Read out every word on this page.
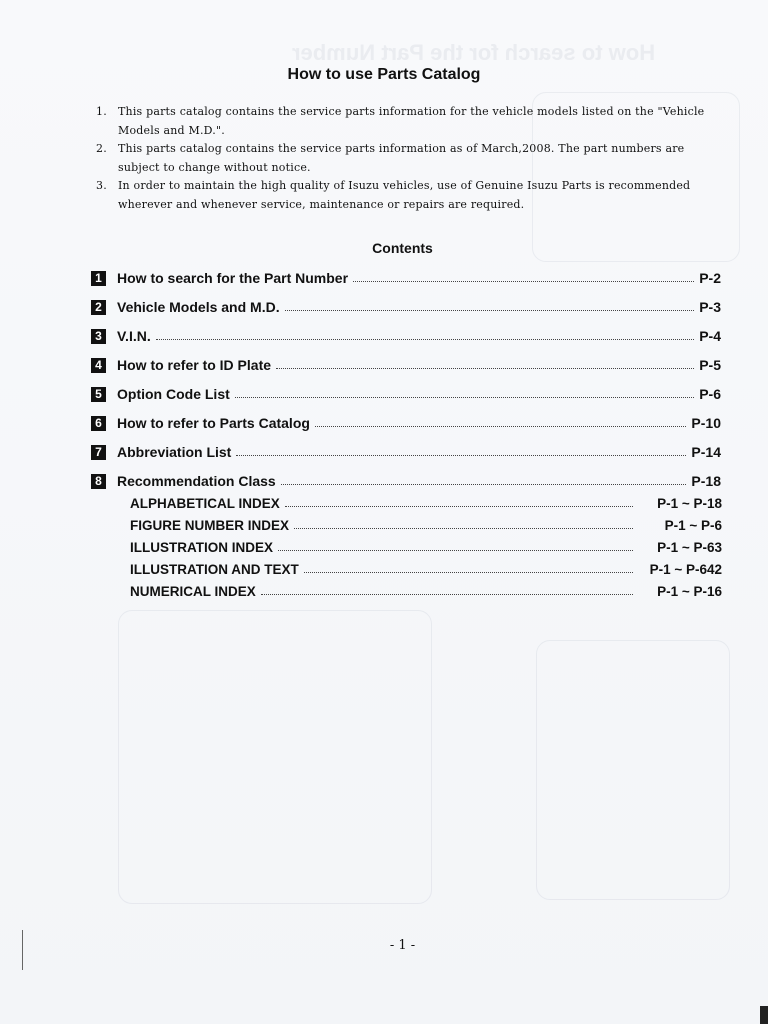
How to search for the Part Number
How to use Parts Catalog
1.	This parts catalog contains the service parts information for the vehicle models listed on the "Vehicle Models and M.D.".
2.	This parts catalog contains the service parts information as of March,2008. The part numbers are subject to change without notice.
3.	In order to maintain the high quality of Isuzu vehicles, use of Genuine Isuzu Parts is recommended wherever and whenever service, maintenance or repairs are required.
Contents
1 How to search for the Part Number	P-2
2 Vehicle Models and M.D.	P-3
3 V.I.N.	P-4
4 How to refer to ID Plate	P-5
5 Option Code List	P-6
6 How to refer to Parts Catalog	P-10
7 Abbreviation List	P-14
8 Recommendation Class	P-18
ALPHABETICAL INDEX	P-1 ~ P-18
FIGURE NUMBER INDEX	P-1 ~ P-6
ILLUSTRATION INDEX	P-1 ~ P-63
ILLUSTRATION AND TEXT	P-1 ~ P-642
NUMERICAL INDEX	P-1 ~ P-16
- 1 -
